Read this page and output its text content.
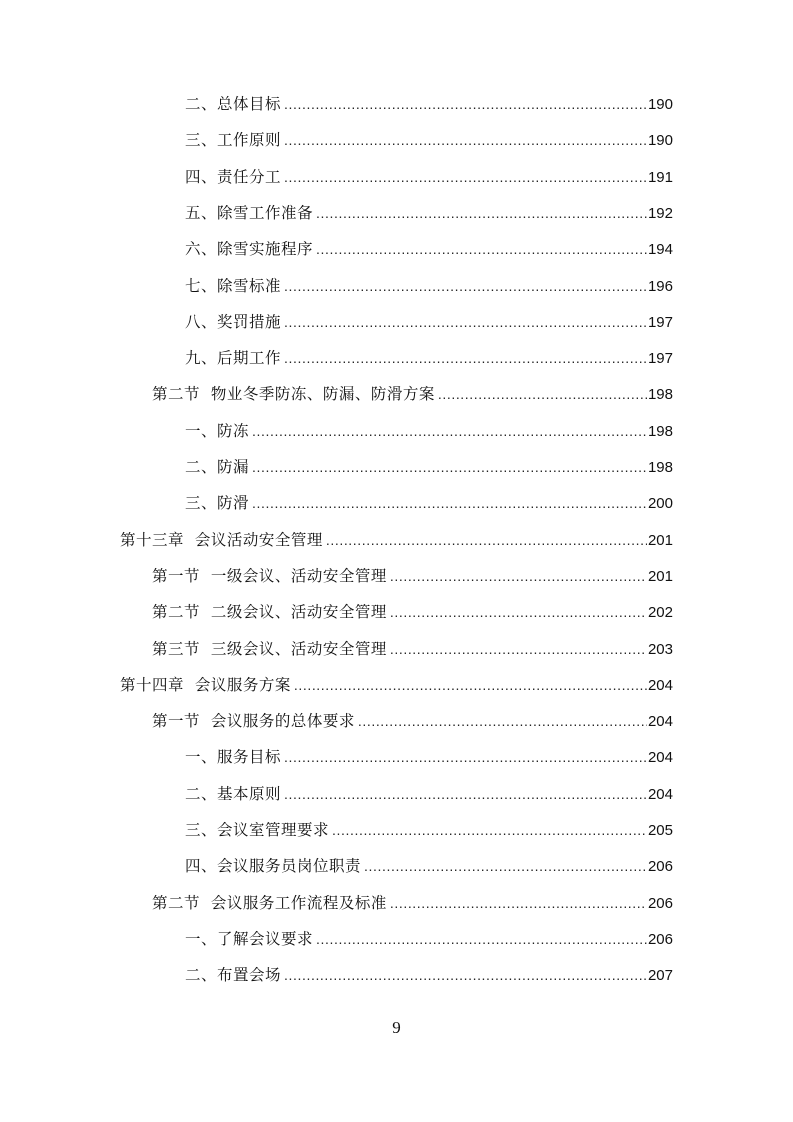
二、总体目标 .....	190
三、工作原则 .....	190
四、责任分工 .....	191
五、除雪工作准备 .....	192
六、除雪实施程序 .....	194
七、除雪标准 .....	196
八、奖罚措施 .....	197
九、后期工作 .....	197
第二节  物业冬季防冻、防漏、防滑方案 .....	198
一、防冻 .....	198
二、防漏 .....	198
三、防滑 .....	200
第十三章  会议活动安全管理 .....	201
第一节  一级会议、活动安全管理 .....	201
第二节  二级会议、活动安全管理 .....	202
第三节  三级会议、活动安全管理 .....	203
第十四章  会议服务方案 .....	204
第一节  会议服务的总体要求 .....	204
一、服务目标 .....	204
二、基本原则 .....	204
三、会议室管理要求 .....	205
四、会议服务员岗位职责 .....	206
第二节  会议服务工作流程及标准 .....	206
一、了解会议要求 .....	206
二、布置会场 .....	207
9
